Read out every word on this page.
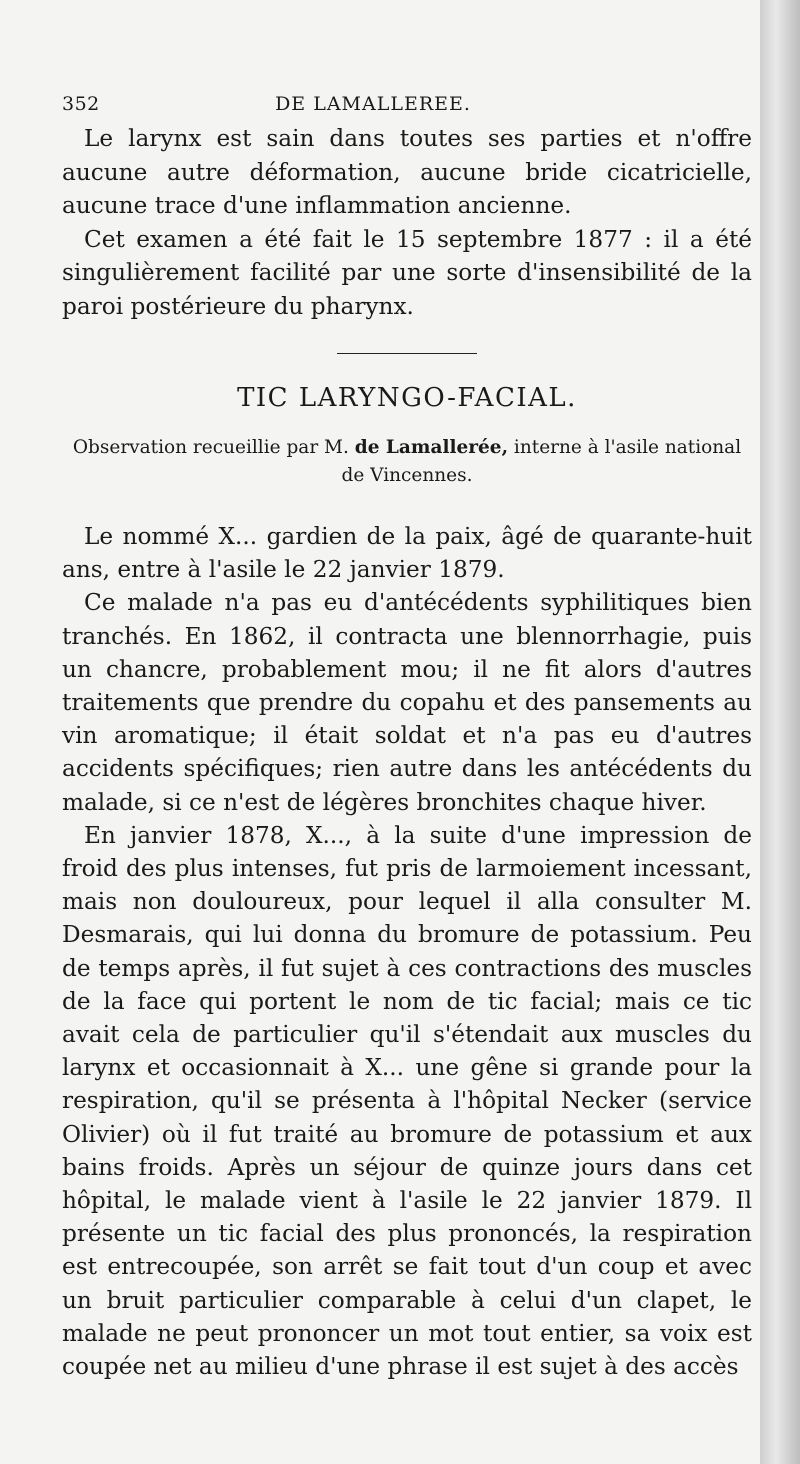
352	DE LAMALLEREE.

Le larynx est sain dans toutes ses parties et n'offre aucune autre déformation, aucune bride cicatricielle, aucune trace d'une inflammation ancienne.

Cet examen a été fait le 15 septembre 1877 : il a été singulièrement facilité par une sorte d'insensibilité de la paroi postérieure du pharynx.

TIC LARYNGO-FACIAL.

Observation recueillie par M. de Lamallerée, interne à l'asile national de Vincennes.

Le nommé X... gardien de la paix, âgé de quarante-huit ans, entre à l'asile le 22 janvier 1879.

Ce malade n'a pas eu d'antécédents syphilitiques bien tranchés. En 1862, il contracta une blennorrhagie, puis un chancre, probablement mou; il ne fit alors d'autres traitements que prendre du copahu et des pansements au vin aromatique; il était soldat et n'a pas eu d'autres accidents spécifiques; rien autre dans les antécédents du malade, si ce n'est de légères bronchites chaque hiver.

En janvier 1878, X..., à la suite d'une impression de froid des plus intenses, fut pris de larmoiement incessant, mais non douloureux, pour lequel il alla consulter M. Desmarais, qui lui donna du bromure de potassium. Peu de temps après, il fut sujet à ces contractions des muscles de la face qui portent le nom de tic facial; mais ce tic avait cela de particulier qu'il s'étendait aux muscles du larynx et occasionnait à X... une gêne si grande pour la respiration, qu'il se présenta à l'hôpital Necker (service Olivier) où il fut traité au bromure de potassium et aux bains froids. Après un séjour de quinze jours dans cet hôpital, le malade vient à l'asile le 22 janvier 1879. Il présente un tic facial des plus prononcés, la respiration est entrecoupée, son arrêt se fait tout d'un coup et avec un bruit particulier comparable à celui d'un clapet, le malade ne peut prononcer un mot tout entier, sa voix est coupée net au milieu d'une phrase il est sujet à des accès
